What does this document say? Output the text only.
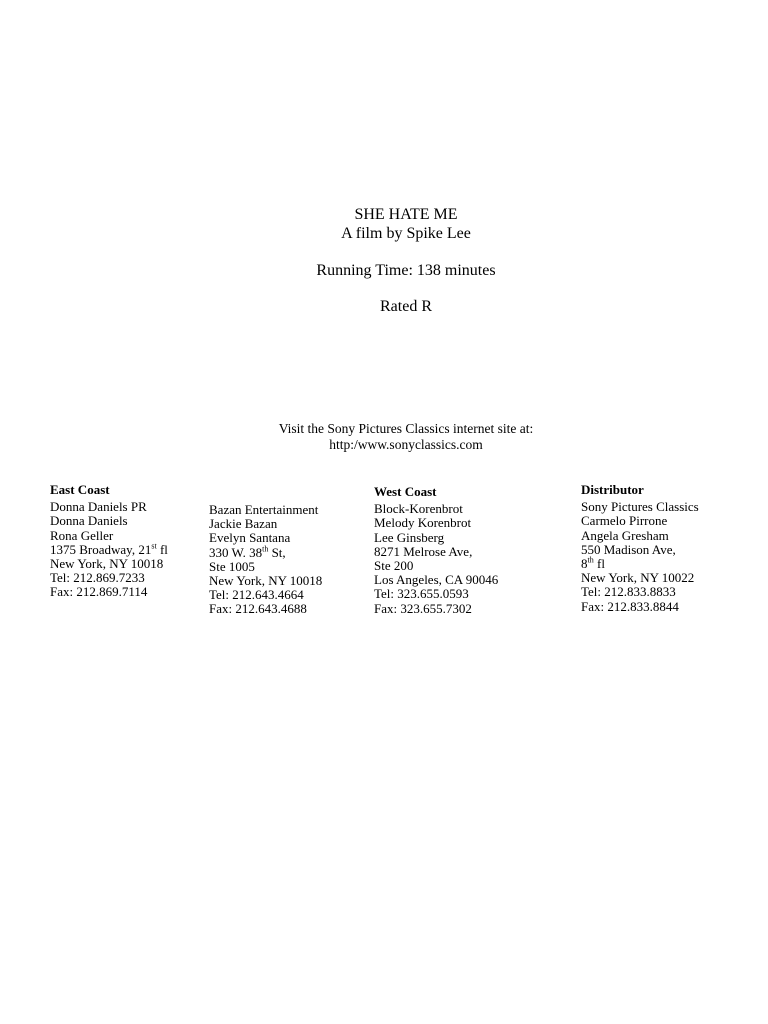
SHE HATE ME
A film by Spike Lee
Running Time: 138 minutes
Rated R
Visit the Sony Pictures Classics internet site at:
http:/www.sonyclassics.com
East Coast
Donna Daniels PR
Donna Daniels
Rona Geller
1375 Broadway, 21st fl
New York, NY 10018
Tel: 212.869.7233
Fax: 212.869.7114
Bazan Entertainment
Jackie Bazan
Evelyn Santana
330 W. 38th St,
Ste 1005
New York, NY 10018
Tel: 212.643.4664
Fax: 212.643.4688
West Coast
Block-Korenbrot
Melody Korenbrot
Lee Ginsberg
8271 Melrose Ave,
Ste 200
Los Angeles, CA 90046
Tel: 323.655.0593
Fax: 323.655.7302
Distributor
Sony Pictures Classics
Carmelo Pirrone
Angela Gresham
550 Madison Ave,
8th fl
New York, NY 10022
Tel: 212.833.8833
Fax: 212.833.8844
